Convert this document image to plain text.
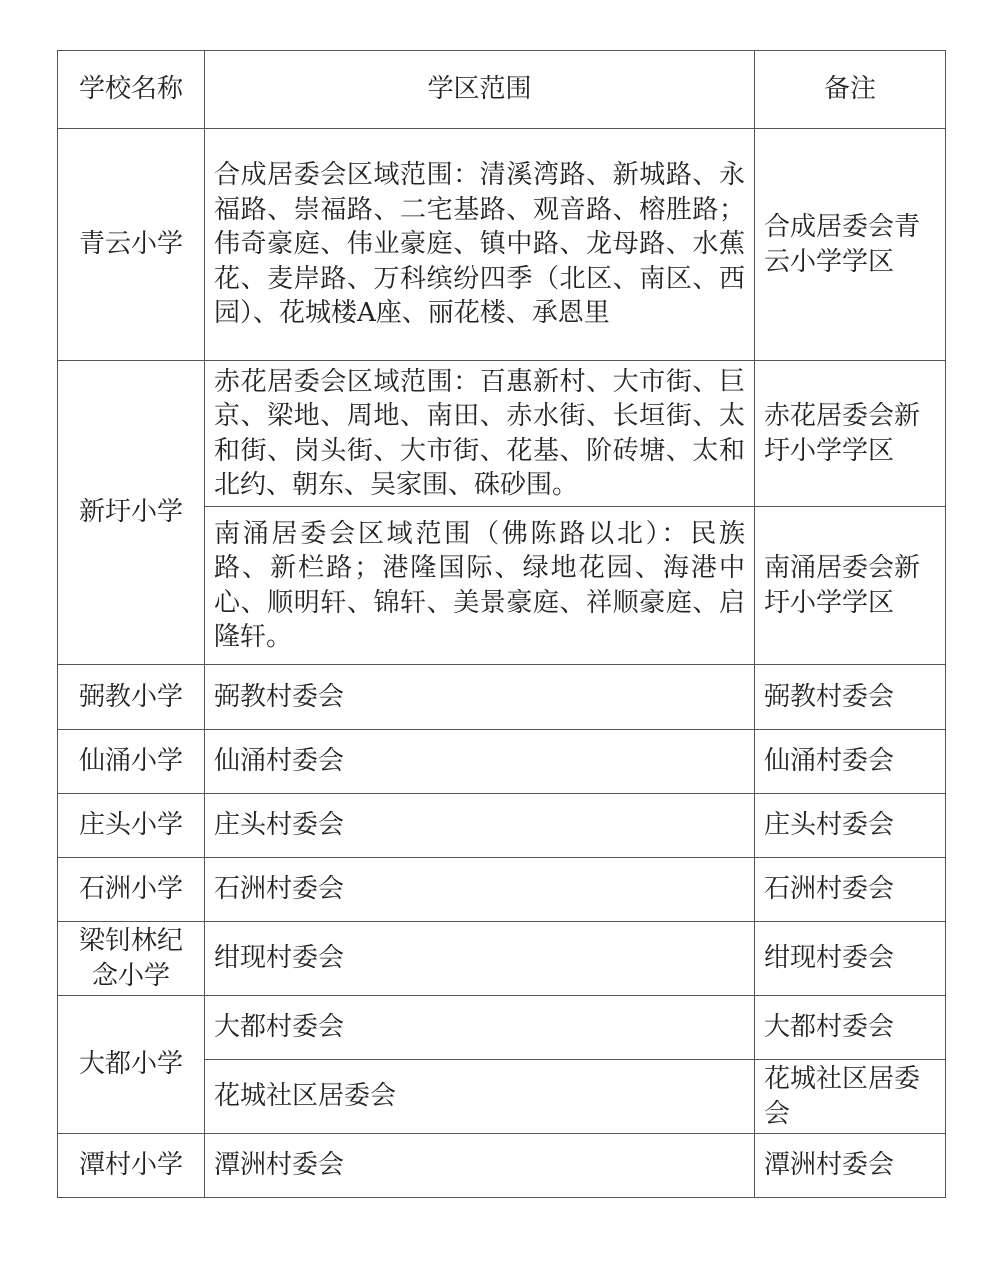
学校名称	学区范围	备注
青云小学	合成居委会区域范围：清溪湾路、新城路、永福路、崇福路、二宅基路、观音路、榕胜路；伟奇豪庭、伟业豪庭、镇中路、龙母路、水蕉花、麦岸路、万科缤纷四季（北区、南区、西园）、花城楼A座、丽花楼、承恩里	合成居委会青云小学学区
新圩小学	赤花居委会区域范围：百惠新村、大市街、巨京、梁地、周地、南田、赤水街、长垣街、太和街、岗头街、大市街、花基、阶砖塘、太和北约、朝东、吴家围、硃砂围。	赤花居委会新圩小学学区
	南涌居委会区域范围（佛陈路以北）：民族路、新栏路；港隆国际、绿地花园、海港中心、顺明轩、锦轩、美景豪庭、祥顺豪庭、启隆轩。	南涌居委会新圩小学学区
弼教小学	弼教村委会	弼教村委会
仙涌小学	仙涌村委会	仙涌村委会
庄头小学	庄头村委会	庄头村委会
石洲小学	石洲村委会	石洲村委会
梁钊林纪念小学	绀现村委会	绀现村委会
大都小学	大都村委会	大都村委会
	花城社区居委会	花城社区居委会
潭村小学	潭洲村委会	潭洲村委会
